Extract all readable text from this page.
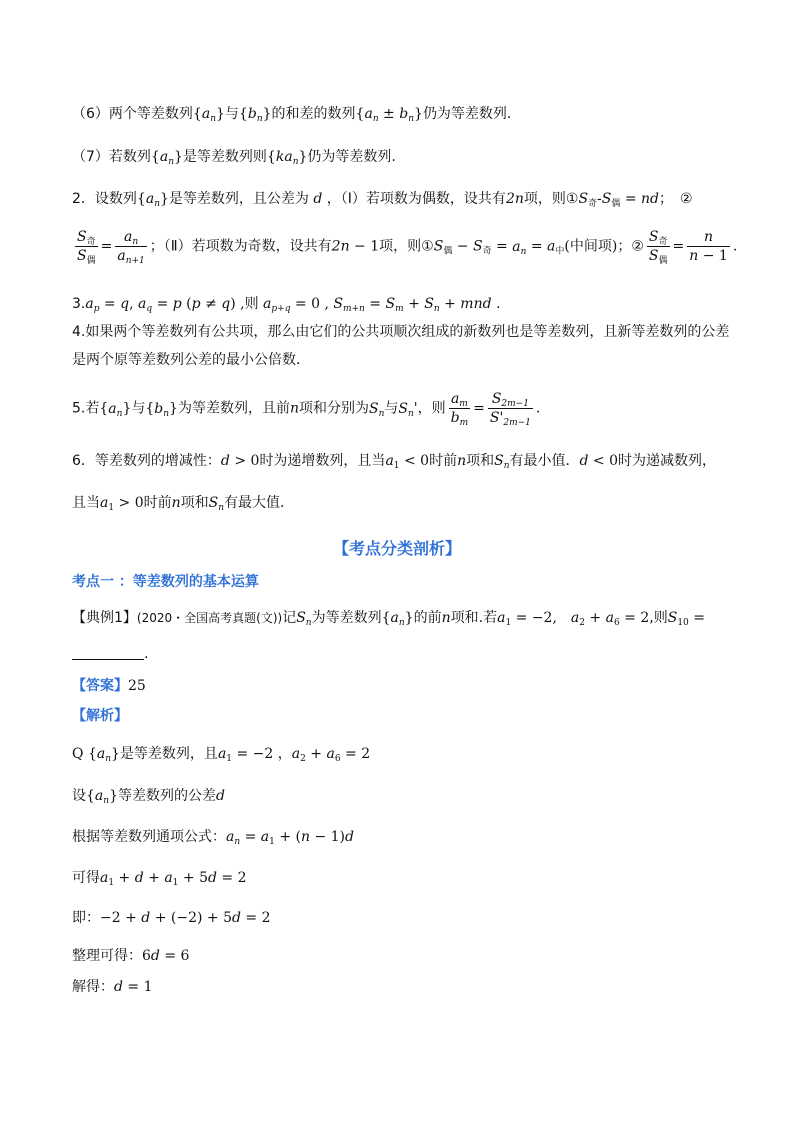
（6）两个等差数列$\{a_n\}$与$\{b_n\}$的和差的数列$\{a_n \pm b_n\}$仍为等差数列.
（7）若数列$\{a_n\}$是等差数列则$\{ka_n\}$仍为等差数列.
2．设数列$\{a_n\}$是等差数列，且公差为 d ，（Ⅰ）若项数为偶数，设共有2n项，则$①S_奇-S_偶$ = nd；　②
$\frac{S_奇}{S_偶} = \frac{a_n}{a_{n+1}}$ ；（Ⅱ）若项数为奇数，设共有2n − 1项，则$①S_偶 - S_奇 = a_n = a_中$(中间项)；② $\frac{S_奇}{S_偶} = \frac{n}{n - 1}$ .
$3.a_p = q$, $a_q = p$ (p ≠ q) ,则 $a_{p+q} = 0$ , $S_{m+n} = S_m + S_n$ + mnd .
4.如果两个等差数列有公共项，那么由它们的公共项顺次组成的新数列也是等差数列，且新等差数列的公差
是两个原等差数列公差的最小公倍数．
5.若$\{a_n\}$与$\{b_n\}$为等差数列，且前n项和分别为$S_n$与$S_n'$，则 $\frac{a_m}{b_m} = \frac{S_{2m-1}}{S'_{2m-1}}$ .
6．等差数列的增减性：d > 0时为递增数列，且当$a_1 < 0$时前n项和$S_n$有最小值．d < 0时为递减数列，
且当$a_1 > 0$时前n项和$S_n$有最大值．
【考点分类剖析】
考点一 ：等差数列的基本运算
【典例1】(2020・全国高考真题(文))记$S_n$为等差数列$\{a_n\}$的前n项和.若$a_1 = -2$,　$a_2 + a_6 = 2$,则$S_{10}$ =
.
【答案】25
【解析】
Q $\{a_n\}$是等差数列，且$a_1 = -2$ ，$a_2 + a_6 = 2$
设$\{a_n\}$等差数列的公差d
根据等差数列通项公式：$a_n = a_1 + (n - 1)d$
可得$a_1 + d + a_1 + 5d = 2$
即：−2 + d + (−2) + 5d = 2
整理可得：6d = 6
解得：d = 1
